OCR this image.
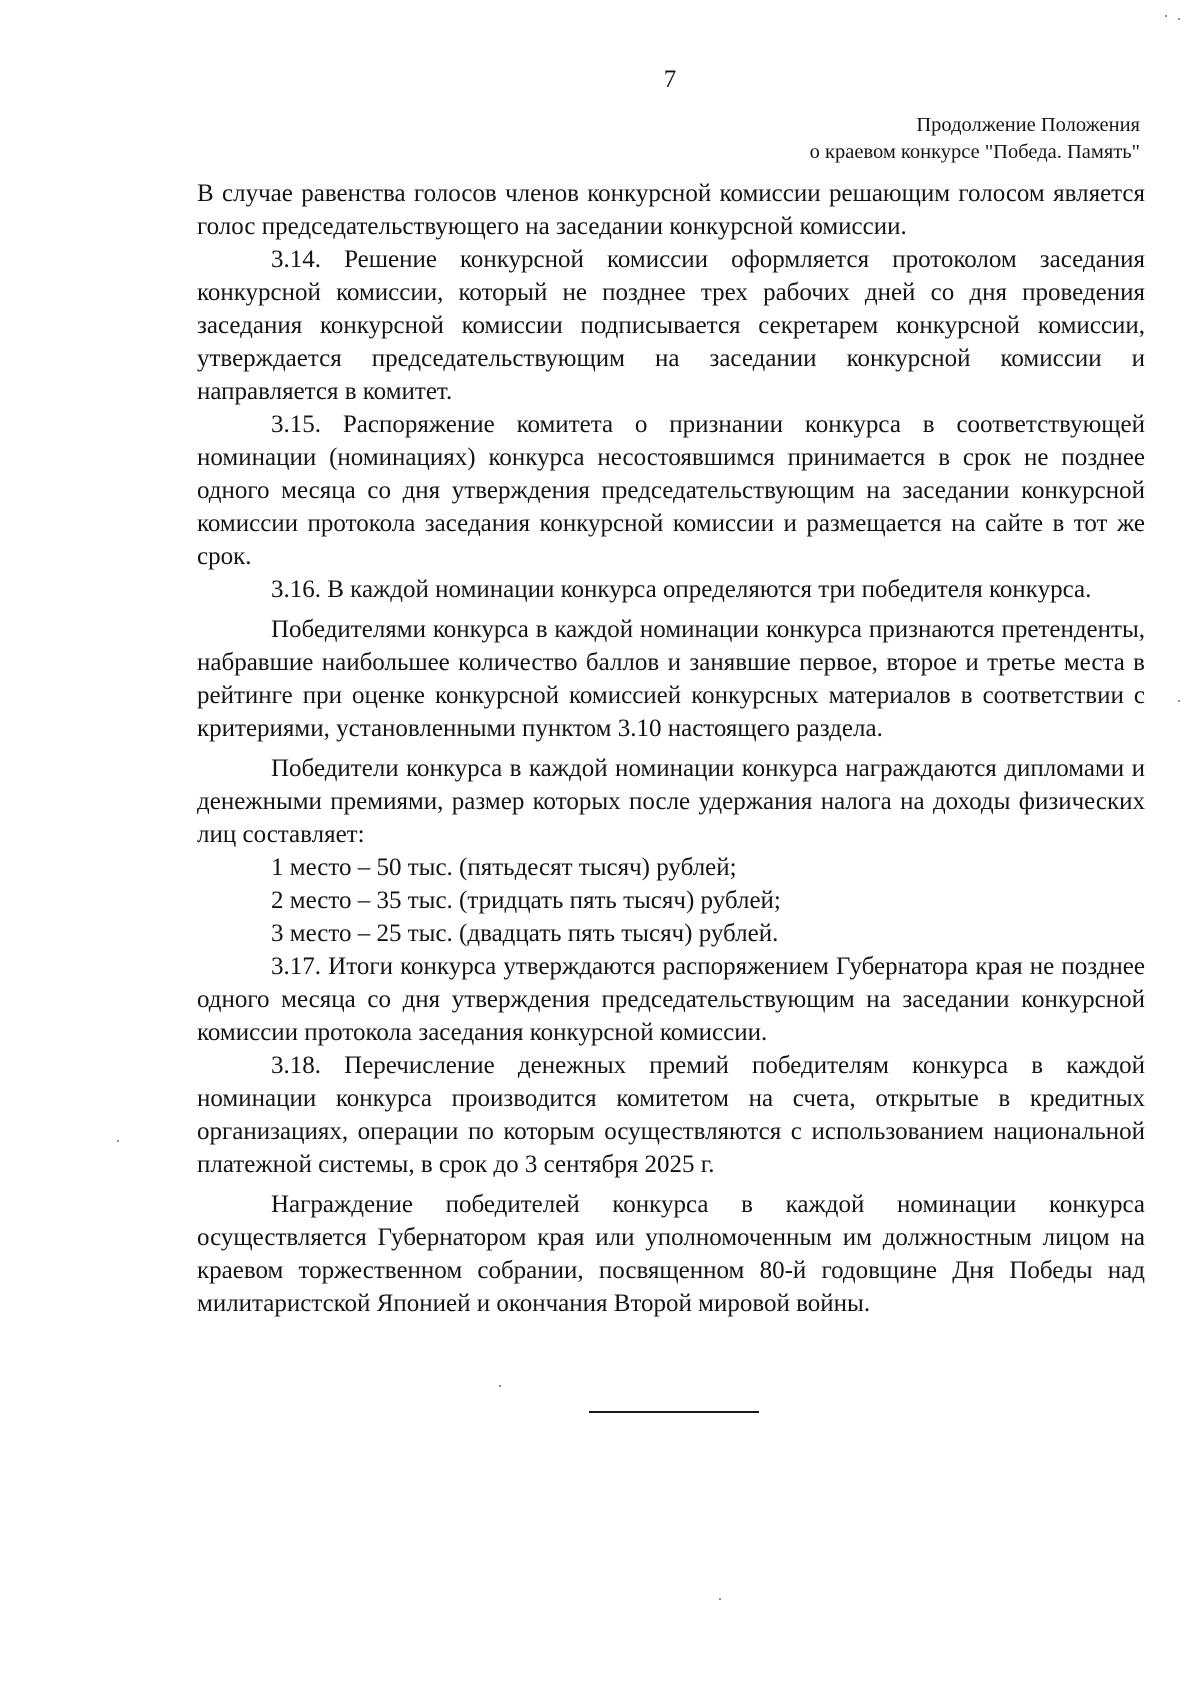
7
Продолжение Положения
о краевом конкурсе "Победа. Память"

В случае равенства голосов членов конкурсной комиссии решающим голосом является голос председательствующего на заседании конкурсной комиссии.

3.14. Решение конкурсной комиссии оформляется протоколом заседания конкурсной комиссии, который не позднее трех рабочих дней со дня проведения заседания конкурсной комиссии подписывается секретарем конкурсной комиссии, утверждается председательствующим на заседании конкурсной комиссии и направляется в комитет.

3.15. Распоряжение комитета о признании конкурса в соответствующей номинации (номинациях) конкурса несостоявшимся принимается в срок не позднее одного месяца со дня утверждения председательствующим на заседании конкурсной комиссии протокола заседания конкурсной комиссии и размещается на сайте в тот же срок.

3.16. В каждой номинации конкурса определяются три победителя конкурса.

Победителями конкурса в каждой номинации конкурса признаются претенденты, набравшие наибольшее количество баллов и занявшие первое, второе и третье места в рейтинге при оценке конкурсной комиссией конкурсных материалов в соответствии с критериями, установленными пунктом 3.10 настоящего раздела.

Победители конкурса в каждой номинации конкурса награждаются дипломами и денежными премиями, размер которых после удержания налога на доходы физических лиц составляет:

1 место – 50 тыс. (пятьдесят тысяч) рублей;

2 место – 35 тыс. (тридцать пять тысяч) рублей;

3 место – 25 тыс. (двадцать пять тысяч) рублей.

3.17. Итоги конкурса утверждаются распоряжением Губернатора края не позднее одного месяца со дня утверждения председательствующим на заседании конкурсной комиссии протокола заседания конкурсной комиссии.

3.18. Перечисление денежных премий победителям конкурса в каждой номинации конкурса производится комитетом на счета, открытые в кредитных организациях, операции по которым осуществляются с использованием национальной платежной системы, в срок до 3 сентября 2025 г.

Награждение победителей конкурса в каждой номинации конкурса осуществляется Губернатором края или уполномоченным им должностным лицом на краевом торжественном собрании, посвященном 80-й годовщине Дня Победы над милитаристской Японией и окончания Второй мировой войны.
